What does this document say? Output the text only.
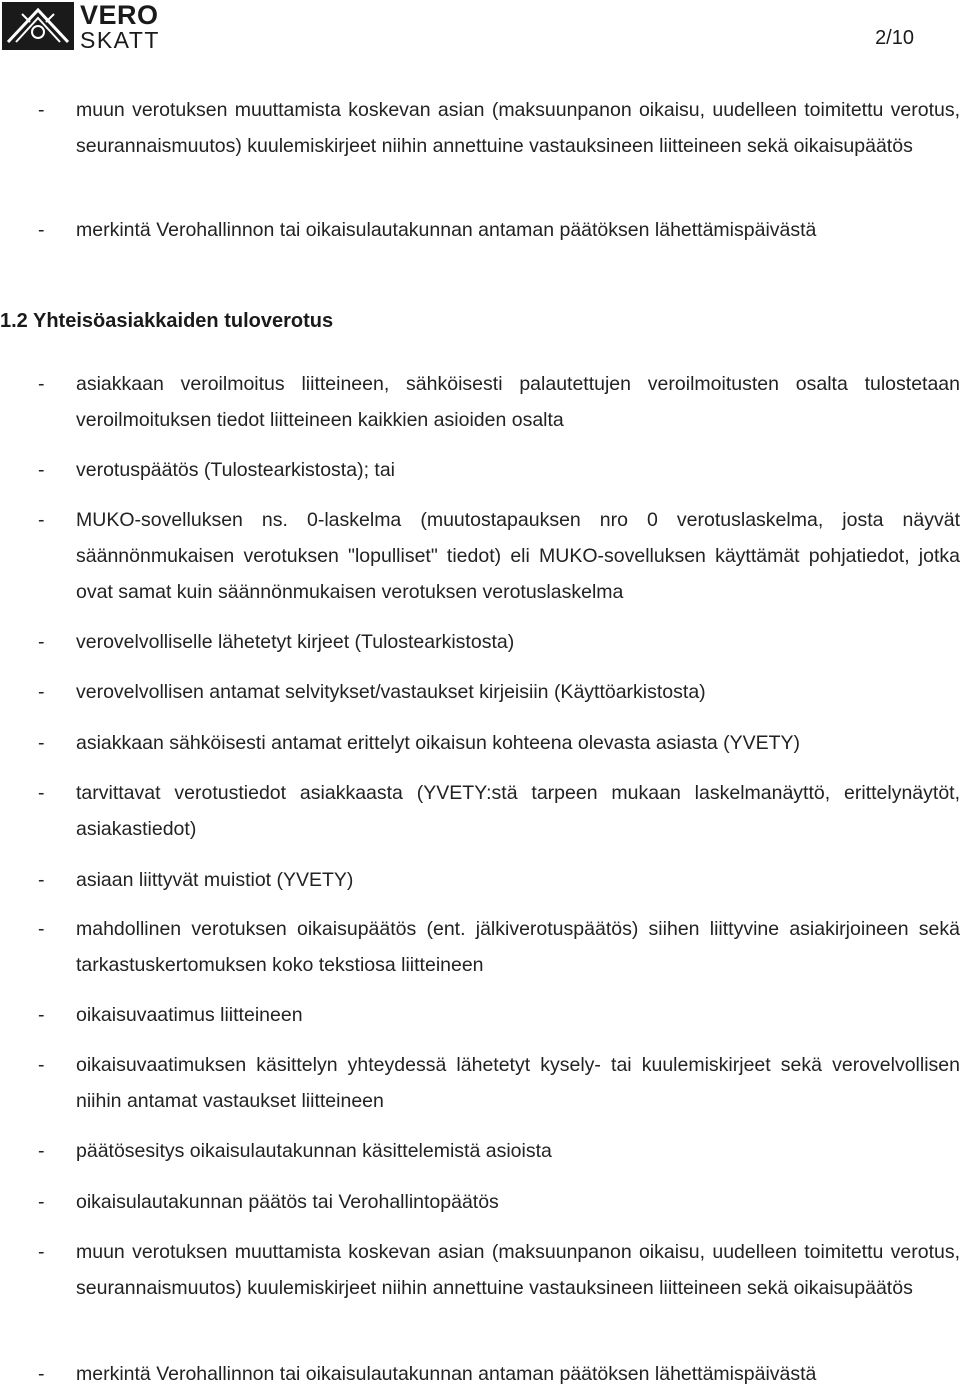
VERO
SKATT	2/10
- muun verotuksen muuttamista koskevan asian (maksuunpanon oikaisu, uudelleen toimitettu verotus, seurannaismuutos) kuulemiskirjeet niihin annettuine vastauksineen liitteineen sekä oikaisupäätös
- merkintä Verohallinnon tai oikaisulautakunnan antaman päätöksen lähettämispäivästä
1.2 Yhteisöasiakkaiden tuloverotus
- asiakkaan veroilmoitus liitteineen, sähköisesti palautettujen veroilmoitusten osalta tulostetaan veroilmoituksen tiedot liitteineen kaikkien asioiden osalta
- verotuspäätös (Tulostearkistosta); tai
- MUKO-sovelluksen ns. 0-laskelma (muutostapauksen nro 0 verotuslaskelma, josta näyvät säännönmukaisen verotuksen "lopulliset" tiedot) eli MUKO-sovelluksen käyttämät pohjatiedot, jotka ovat samat kuin säännönmukaisen verotuksen verotuslaskelma
- verovelvolliselle lähetetyt kirjeet (Tulostearkistosta)
- verovelvollisen antamat selvitykset/vastaukset kirjeisiin (Käyttöarkistosta)
- asiakkaan sähköisesti antamat erittelyt oikaisun kohteena olevasta asiasta (YVETY)
- tarvittavat verotustiedot asiakkaasta (YVETY:stä tarpeen mukaan laskelmanäyttö, erittelynäytöt, asiakastiedot)
- asiaan liittyvät muistiot (YVETY)
- mahdollinen verotuksen oikaisupäätös (ent. jälkiverotuspäätös) siihen liittyvine asiakirjoineen sekä tarkastuskertomuksen koko tekstiosa liitteineen
- oikaisuvaatimus liitteineen
- oikaisuvaatimuksen käsittelyn yhteydessä lähetetyt kysely- tai kuulemiskirjeet sekä verovelvollisen niihin antamat vastaukset liitteineen
- päätösesitys oikaisulautakunnan käsittelemistä asioista
- oikaisulautakunnan päätös tai Verohallintopäätös
- muun verotuksen muuttamista koskevan asian (maksuunpanon oikaisu, uudelleen toimitettu verotus, seurannaismuutos) kuulemiskirjeet niihin annettuine vastauksineen liitteineen sekä oikaisupäätös
- merkintä Verohallinnon tai oikaisulautakunnan antaman päätöksen lähettämispäivästä
